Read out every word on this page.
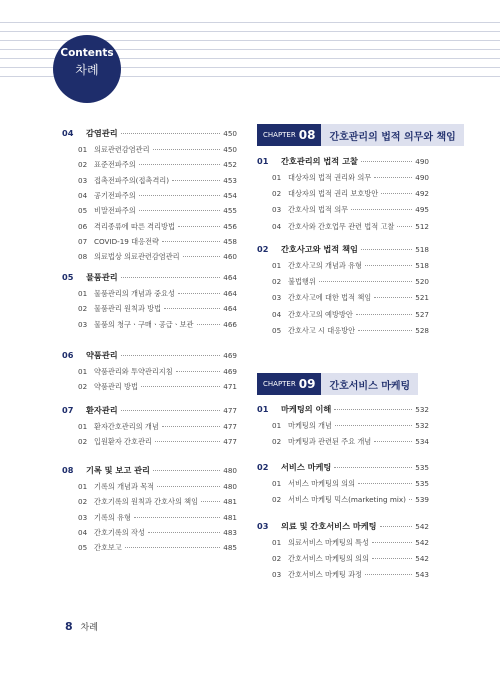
Contents
차례
04	감염관리	450
01 의료관련감염관리	450
02 표준전파주의	452
03 접촉전파주의(접촉격리)	453
04 공기전파주의	454
05 비말전파주의	455
06 격리종류에 따른 격리방법	456
07 COVID-19 대응전략	458
08 의료법상 의료관련감염관리	460
05	물품관리	464
01 물품관리의 개념과 중요성	464
02 물품관리 원칙과 방법	464
03 물품의 청구ㆍ구매ㆍ공급ㆍ보관	466
06	약품관리	469
01 약품관리와 투약관리지침	469
02 약품관리 방법	471
07	환자관리	477
01 환자간호관리의 개념	477
02 입원환자 간호관리	477
08	기록 및 보고 관리	480
01 기록의 개념과 목적	480
02 간호기록의 원칙과 간호사의 책임	481
03 기록의 유형	481
04 간호기록의 작성	483
05 간호보고	485
CHAPTER 08	간호관리의 법적 의무와 책임
01	간호관리의 법적 고찰	490
01 대상자의 법적 권리와 의무	490
02 대상자의 법적 권리 보호방안	492
03 간호사의 법적 의무	495
04 간호사와 간호업무 관련 법적 고찰	512
02	간호사고와 법적 책임	518
01 간호사고의 개념과 유형	518
02 불법행위	520
03 간호사고에 대한 법적 책임	521
04 간호사고의 예방방안	527
05 간호사고 시 대응방안	528
CHAPTER 09	간호서비스 마케팅
01	마케팅의 이해	532
01 마케팅의 개념	532
02 마케팅과 관련된 주요 개념	534
02	서비스 마케팅	535
01 서비스 마케팅의 의의	535
02 서비스 마케팅 믹스(marketing mix) 539
03	의료 및 간호서비스 마케팅	542
01 의료서비스 마케팅의 특성	542
02 간호서비스 마케팅의 의의	542
03 간호서비스 마케팅 과정	543
8 차례
